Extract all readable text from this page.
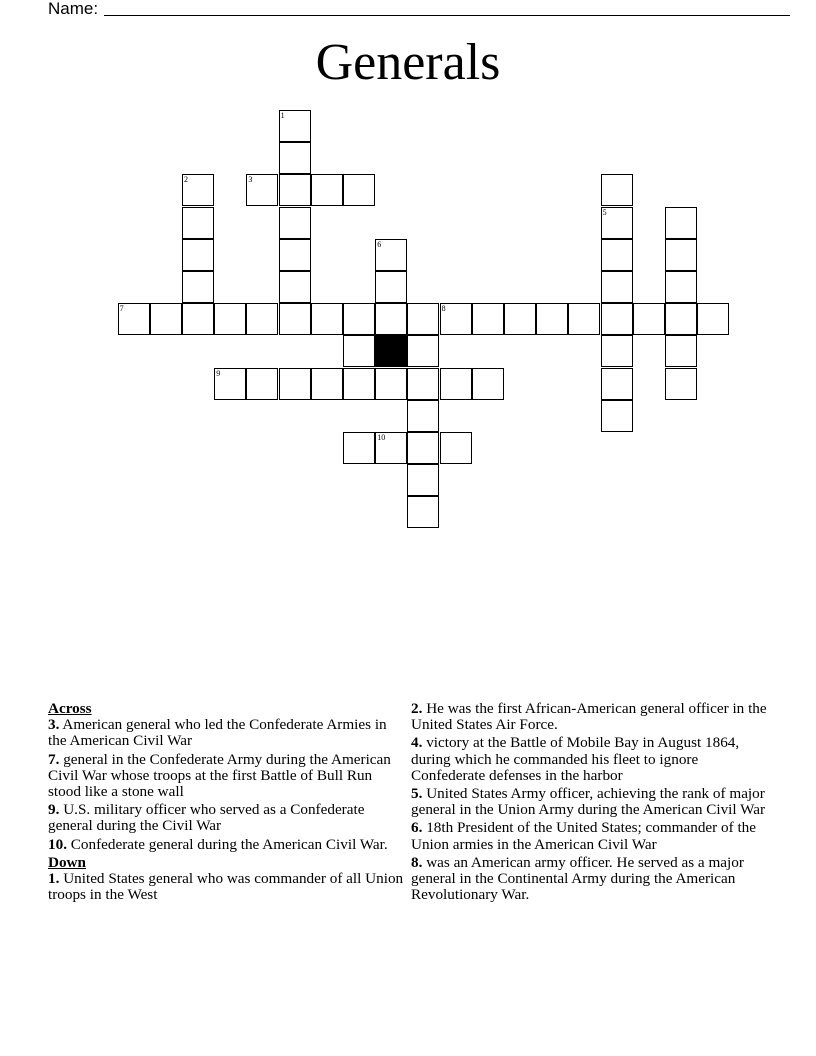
Name:
Generals
1
2	3
5
6
7	8
9
10

Across

3. American general who led the Confederate Armies in the American Civil War

7. general in the Confederate Army during the American Civil War whose troops at the first Battle of Bull Run stood like a stone wall

9. U.S. military officer who served as a Confederate general during the Civil War

10. Confederate general during the American Civil War.

Down

1. United States general who was commander of all Union troops in the West

2. He was the first African-American general officer in the United States Air Force.

4. victory at the Battle of Mobile Bay in August 1864, during which he commanded his fleet to ignore Confederate defenses in the harbor

5. United States Army officer, achieving the rank of major general in the Union Army during the American Civil War

6. 18th President of the United States; commander of the Union armies in the American Civil War

8. was an American army officer. He served as a major general in the Continental Army during the American Revolutionary War.
